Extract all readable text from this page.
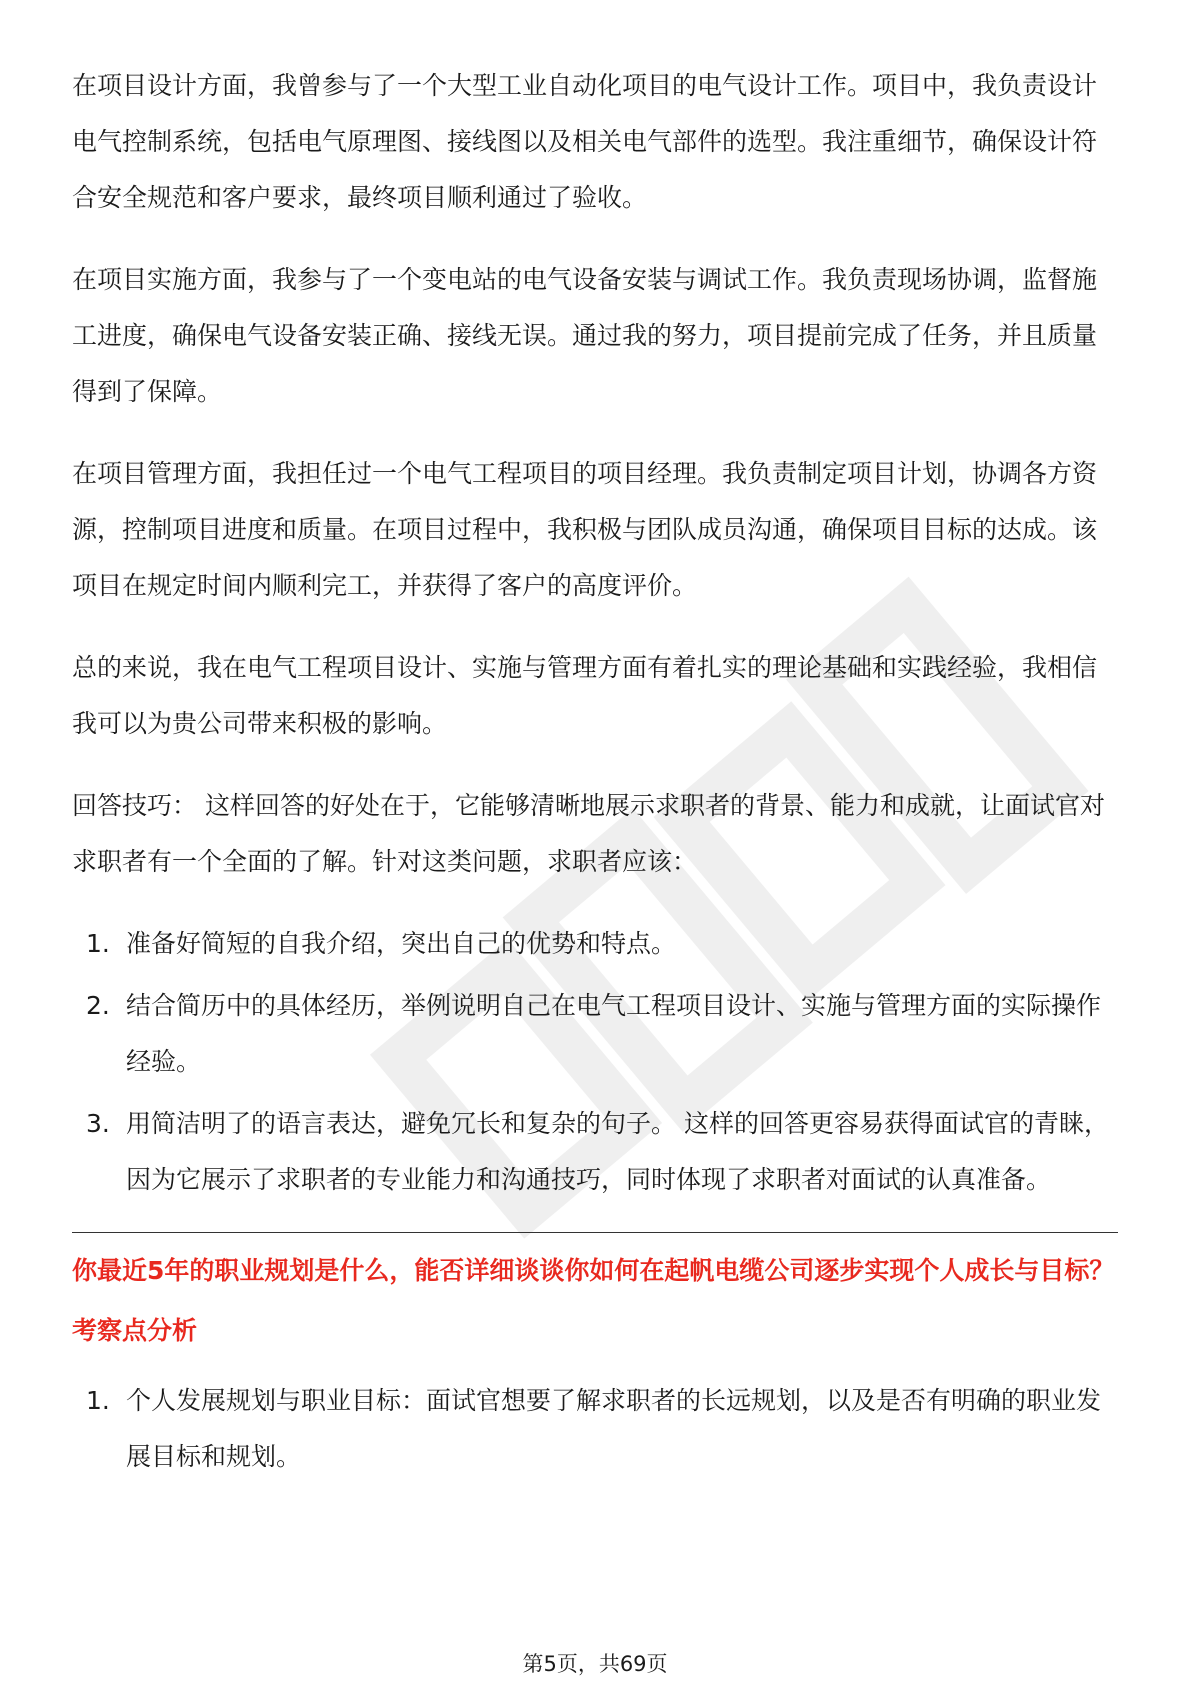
在项目设计方面，我曾参与了一个大型工业自动化项目的电气设计工作。项目中，我负责设计电气控制系统，包括电气原理图、接线图以及相关电气部件的选型。我注重细节，确保设计符合安全规范和客户要求，最终项目顺利通过了验收。

在项目实施方面，我参与了一个变电站的电气设备安装与调试工作。我负责现场协调，监督施工进度，确保电气设备安装正确、接线无误。通过我的努力，项目提前完成了任务，并且质量得到了保障。

在项目管理方面，我担任过一个电气工程项目的项目经理。我负责制定项目计划，协调各方资源，控制项目进度和质量。在项目过程中，我积极与团队成员沟通，确保项目目标的达成。该项目在规定时间内顺利完工，并获得了客户的高度评价。

总的来说，我在电气工程项目设计、实施与管理方面有着扎实的理论基础和实践经验，我相信我可以为贵公司带来积极的影响。

回答技巧： 这样回答的好处在于，它能够清晰地展示求职者的背景、能力和成就，让面试官对求职者有一个全面的了解。针对这类问题，求职者应该：

1. 准备好简短的自我介绍，突出自己的优势和特点。
2. 结合简历中的具体经历，举例说明自己在电气工程项目设计、实施与管理方面的实际操作经验。
3. 用简洁明了的语言表达，避免冗长和复杂的句子。 这样的回答更容易获得面试官的青睐，因为它展示了求职者的专业能力和沟通技巧，同时体现了求职者对面试的认真准备。

你最近5年的职业规划是什么，能否详细谈谈你如何在起帆电缆公司逐步实现个人成长与目标？

考察点分析

1. 个人发展规划与职业目标：面试官想要了解求职者的长远规划，以及是否有明确的职业发展目标和规划。
第5页，共69页
